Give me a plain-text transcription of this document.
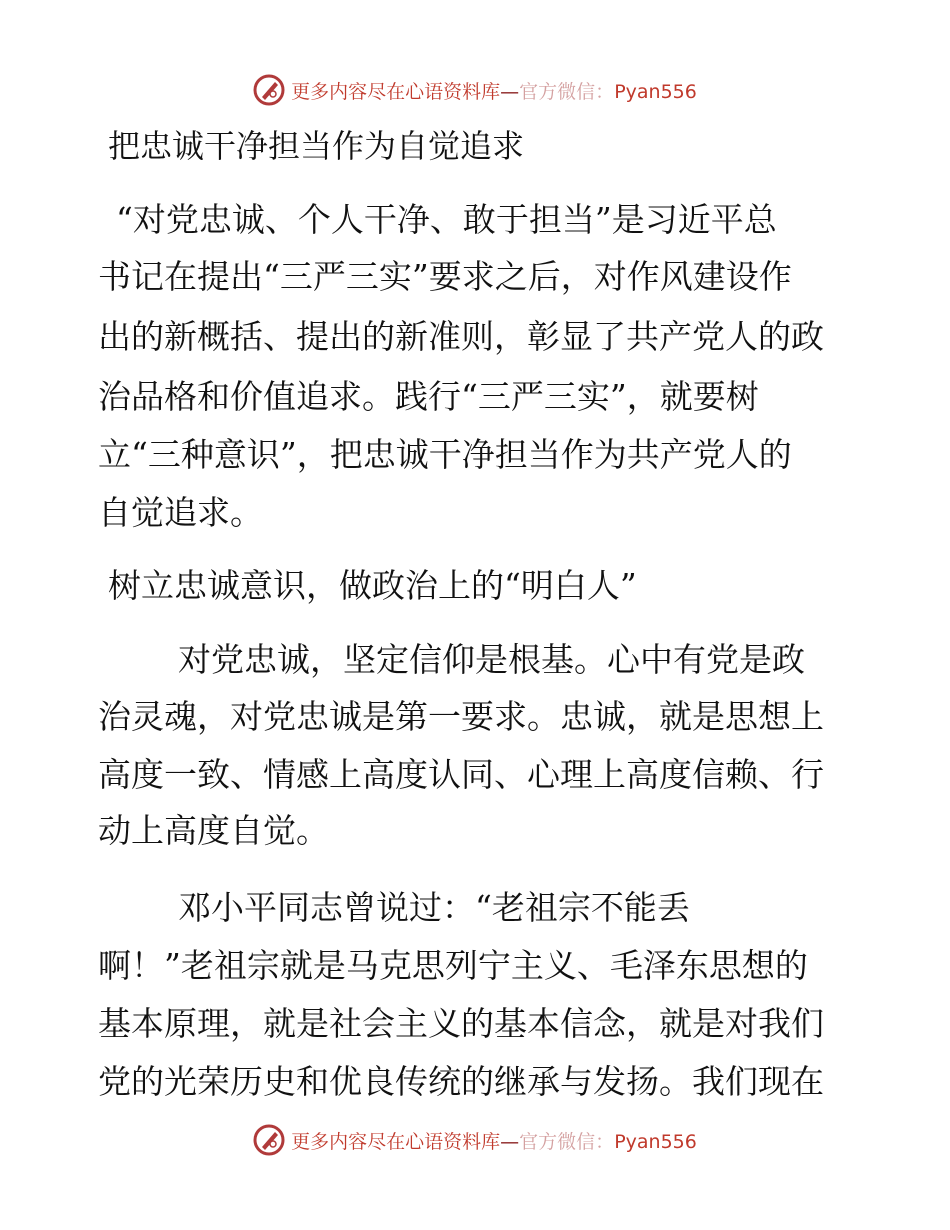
更多内容尽在心语资料库—官方微信：Pyan556
把忠诚干净担当作为自觉追求
“对党忠诚、个人干净、敢于担当”是习近平总
书记在提出“三严三实”要求之后，对作风建设作
出的新概括、提出的新准则，彰显了共产党人的政
治品格和价值追求。践行“三严三实”，就要树
立“三种意识”，把忠诚干净担当作为共产党人的
自觉追求。
树立忠诚意识，做政治上的“明白人”
对党忠诚，坚定信仰是根基。心中有党是政
治灵魂，对党忠诚是第一要求。忠诚，就是思想上
高度一致、情感上高度认同、心理上高度信赖、行
动上高度自觉。
邓小平同志曾说过：“老祖宗不能丢
啊！”老祖宗就是马克思列宁主义、毛泽东思想的
基本原理，就是社会主义的基本信念，就是对我们
党的光荣历史和优良传统的继承与发扬。我们现在
更多内容尽在心语资料库—官方微信：Pyan556
